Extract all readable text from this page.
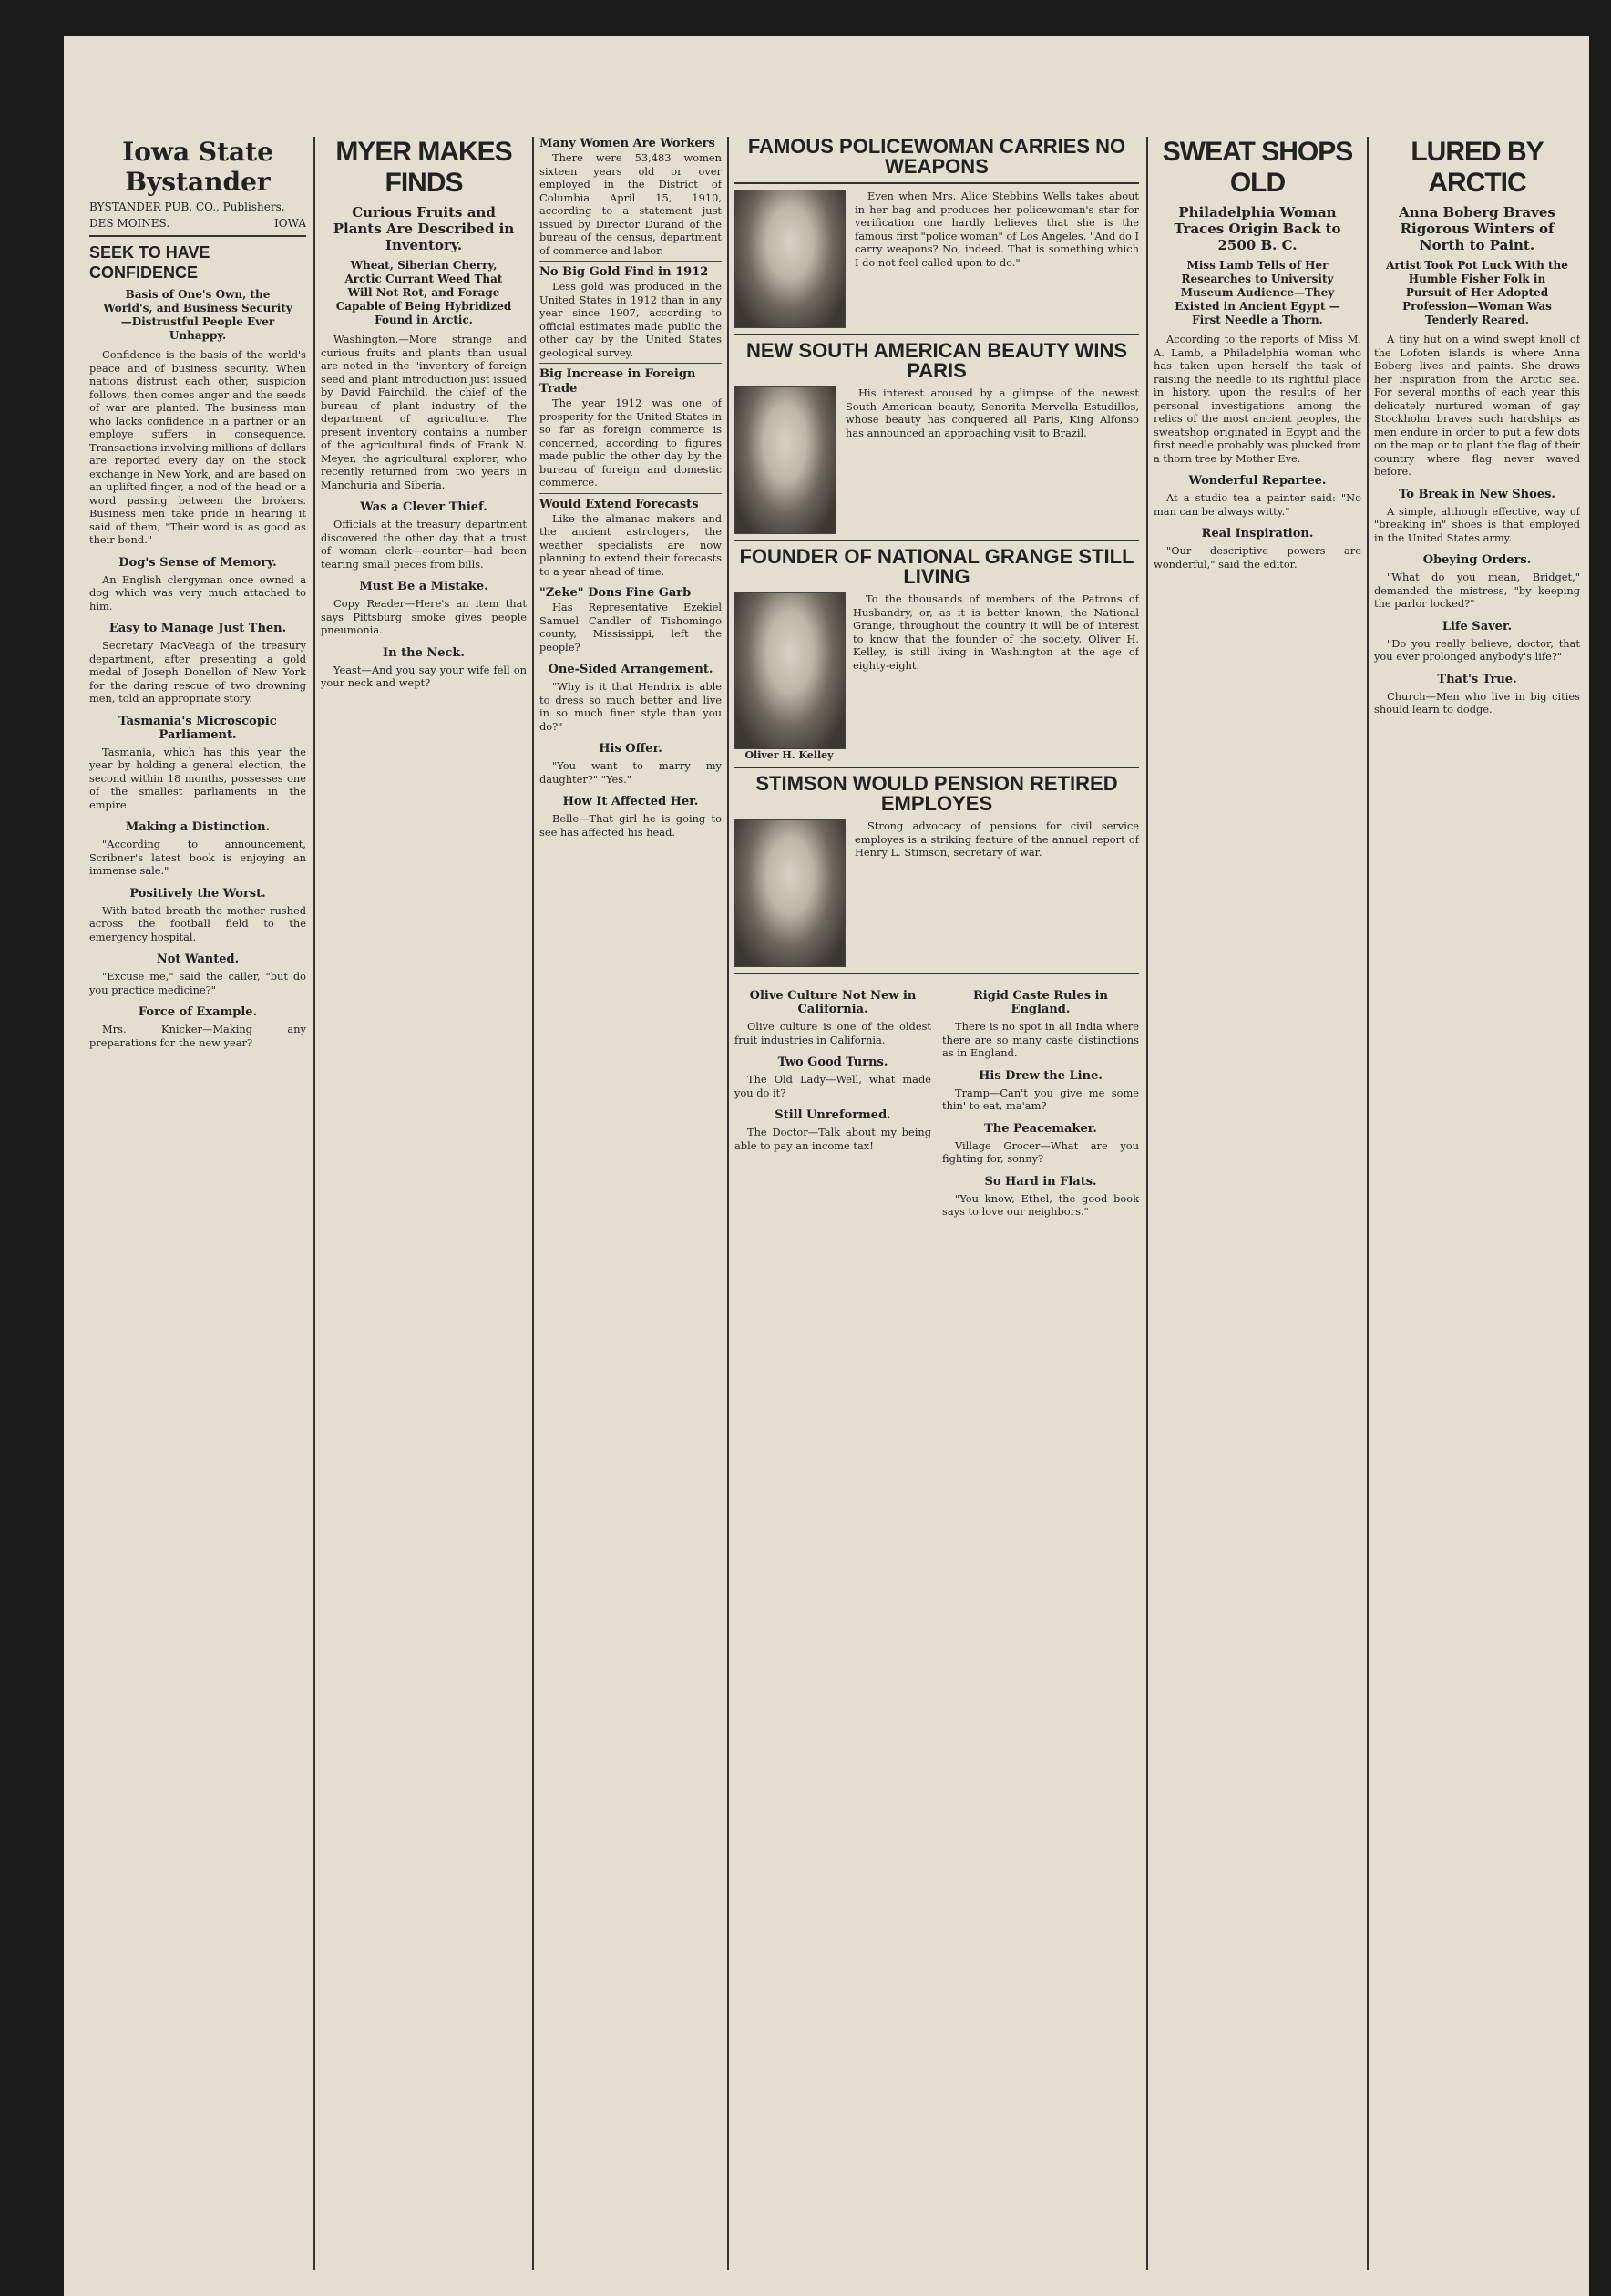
Iowa State Bystander
BYSTANDER PUB. CO., Publishers.
DES MOINES.	IOWA
SEEK TO HAVE CONFIDENCE
Basis of One's Own, the World's, and Business Security—Distrustful People Ever Unhappy.

Confidence is the basis of the world's peace and of business security. When nations distrust each other, suspicion follows, then comes anger and the seeds of war are planted. The business man who lacks confidence in a partner or an employe suffers in consequence. Transactions involving millions of dollars are reported every day on the stock exchange in New York, and are based on an uplifted finger, a nod of the head or a word passing between the brokers. Business men take pride in hearing it said of them, "Their word is as good as their bond."

Dog's Sense of Memory.

An English clergyman once owned a dog which was very much attached to him.

Easy to Manage Just Then.

Secretary MacVeagh of the treasury department, after presenting a gold medal of Joseph Donellon of New York for the daring rescue of two drowning men, told an appropriate story.

Tasmania's Microscopic Parliament.

Tasmania, which has this year the year by holding a general election, the second within 18 months, possesses one of the smallest parliaments in the empire.

Making a Distinction.

"According to announcement, Scribner's latest book is enjoying an immense sale."

Positively the Worst.

With bated breath the mother rushed across the football field to the emergency hospital.

Not Wanted.

"Excuse me," said the caller, "but do you practice medicine?"

Force of Example.

Mrs. Knicker—Making any preparations for the new year?

MYER MAKES FINDS
Curious Fruits and Plants Are Described in Inventory.
Wheat, Siberian Cherry, Arctic Currant Weed That Will Not Rot, and Forage Capable of Being Hybridized Found in Arctic.

Washington.—More strange and curious fruits and plants than usual are noted in the "inventory of foreign seed and plant introduction just issued by David Fairchild, the chief of the bureau of plant industry of the department of agriculture. The present inventory contains a number of the agricultural finds of Frank N. Meyer, the agricultural explorer, who recently returned from two years in Manchuria and Siberia.

Was a Clever Thief.

Officials at the treasury department discovered the other day that a trust of woman clerk—counter—had been tearing small pieces from bills.

Must Be a Mistake.

Copy Reader—Here's an item that says Pittsburg smoke gives people pneumonia.

In the Neck.

Yeast—And you say your wife fell on your neck and wept?

Many Women Are Workers

There were 53,483 women sixteen years old or over employed in the District of Columbia April 15, 1910, according to a statement just issued by Director Durand of the bureau of the census, department of commerce and labor.

No Big Gold Find in 1912

Less gold was produced in the United States in 1912 than in any year since 1907, according to official estimates made public the other day by the United States geological survey.

Big Increase in Foreign Trade

The year 1912 was one of prosperity for the United States in so far as foreign commerce is concerned, according to figures made public the other day by the bureau of foreign and domestic commerce.

Would Extend Forecasts

Like the almanac makers and the ancient astrologers, the weather specialists are now planning to extend their forecasts to a year ahead of time.

"Zeke" Dons Fine Garb

Has Representative Ezekiel Samuel Candler of Tishomingo county, Mississippi, left the people?

One-Sided Arrangement.

"Why is it that Hendrix is able to dress so much better and live in so much finer style than you do?"

His Offer.

"You want to marry my daughter?" "Yes."

How It Affected Her.

Belle—That girl he is going to see has affected his head.

FAMOUS POLICEWOMAN CARRIES NO WEAPONS

Even when Mrs. Alice Stebbins Wells takes about in her bag and produces her policewoman's star for verification one hardly believes that she is the famous first "police woman" of Los Angeles. "And do I carry weapons? No, indeed. That is something which I do not feel called upon to do."

NEW SOUTH AMERICAN BEAUTY WINS PARIS

His interest aroused by a glimpse of the newest South American beauty, Senorita Mervella Estudillos, whose beauty has conquered all Paris, King Alfonso has announced an approaching visit to Brazil.

FOUNDER OF NATIONAL GRANGE STILL LIVING
Oliver H. Kelley

To the thousands of members of the Patrons of Husbandry, or, as it is better known, the National Grange, throughout the country it will be of interest to know that the founder of the society, Oliver H. Kelley, is still living in Washington at the age of eighty-eight.

STIMSON WOULD PENSION RETIRED EMPLOYES

Strong advocacy of pensions for civil service employes is a striking feature of the annual report of Henry L. Stimson, secretary of war.

Olive Culture Not New in California.

Olive culture is one of the oldest fruit industries in California.

Two Good Turns.

The Old Lady—Well, what made you do it?

Still Unreformed.

The Doctor—Talk about my being able to pay an income tax!

Rigid Caste Rules in England.

There is no spot in all India where there are so many caste distinctions as in England.

His Drew the Line.

Tramp—Can't you give me some thin' to eat, ma'am?

The Peacemaker.

Village Grocer—What are you fighting for, sonny?

So Hard in Flats.

"You know, Ethel, the good book says to love our neighbors."

SWEAT SHOPS OLD
Philadelphia Woman Traces Origin Back to 2500 B. C.
Miss Lamb Tells of Her Researches to University Museum Audience—They Existed in Ancient Egypt —First Needle a Thorn.

According to the reports of Miss M. A. Lamb, a Philadelphia woman who has taken upon herself the task of raising the needle to its rightful place in history, upon the results of her personal investigations among the relics of the most ancient peoples, the sweatshop originated in Egypt and the first needle probably was plucked from a thorn tree by Mother Eve.

Wonderful Repartee.

At a studio tea a painter said: "No man can be always witty."

Real Inspiration.

"Our descriptive powers are wonderful," said the editor.

LURED BY ARCTIC
Anna Boberg Braves Rigorous Winters of North to Paint.
Artist Took Pot Luck With the Humble Fisher Folk in Pursuit of Her Adopted Profession—Woman Was Tenderly Reared.

A tiny hut on a wind swept knoll of the Lofoten islands is where Anna Boberg lives and paints. She draws her inspiration from the Arctic sea. For several months of each year this delicately nurtured woman of gay Stockholm braves such hardships as men endure in order to put a few dots on the map or to plant the flag of their country where flag never waved before.

To Break in New Shoes.

A simple, although effective, way of "breaking in" shoes is that employed in the United States army.

Obeying Orders.

"What do you mean, Bridget," demanded the mistress, "by keeping the parlor locked?"

Life Saver.

"Do you really believe, doctor, that you ever prolonged anybody's life?"

That's True.

Church—Men who live in big cities should learn to dodge.
